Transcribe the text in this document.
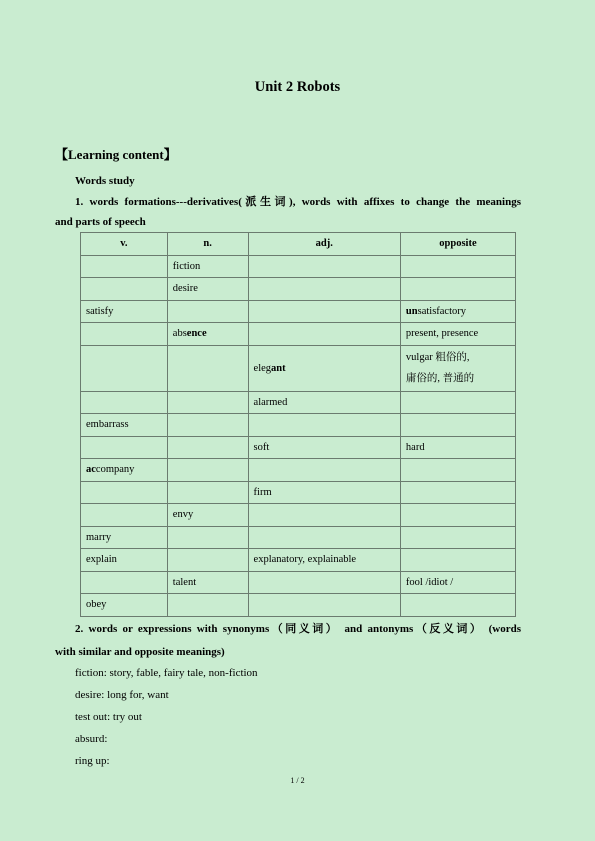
Unit 2 Robots
【Learning content】
Words study
1. words formations---derivatives(派生词), words with affixes to change the meanings
and parts of speech
v.	n.	adj.	opposite
	fiction		
	desire		
satisfy			unsatisfactory
	absence		present, presence
		elegant	vulgar 粗俗的,
庸俗的, 普通的
		alarmed	
embarrass			
		soft	hard
accompany			
		firm	
	envy		
marry			
explain		explanatory, explainable	
	talent		fool /idiot /
obey			
2. words or expressions with synonyms（同义词） and antonyms（反义词） (words
with similar and opposite meanings)
fiction: story, fable, fairy tale, non-fiction
desire: long for, want
test out: try out
absurd:
ring up:
1 / 2
